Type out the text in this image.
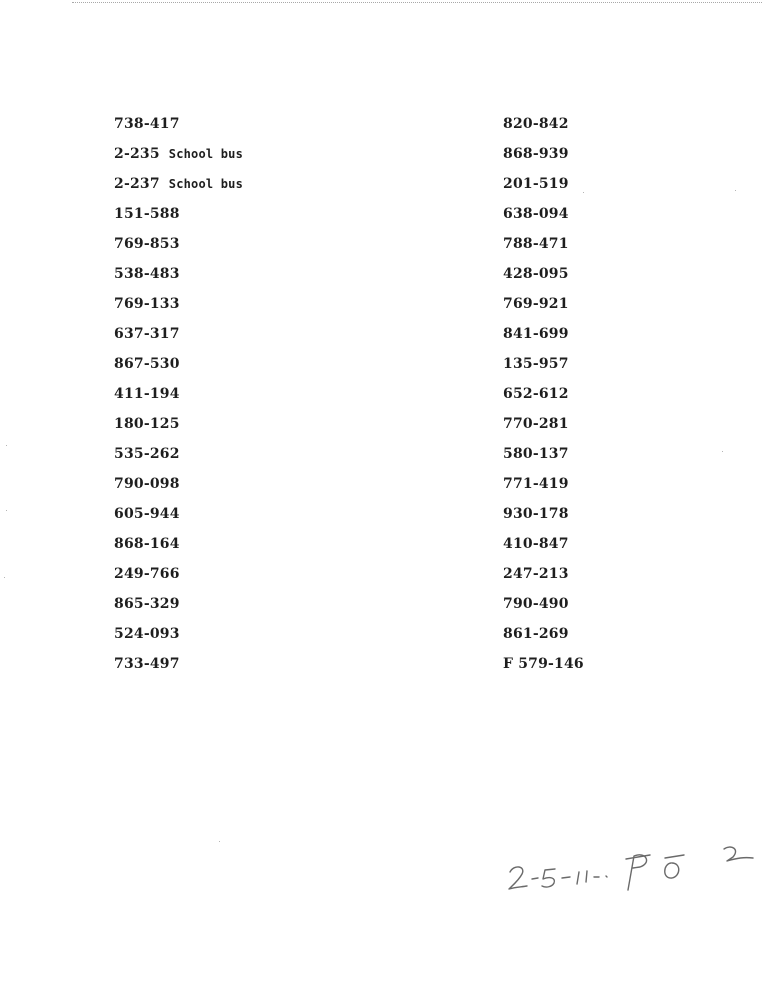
738-417
2-235 School bus
2-237 School bus
151-588
769-853
538-483
769-133
637-317
867-530
411-194
180-125
535-262
790-098
605-944
868-164
249-766
865-329
524-093
733-497
820-842
868-939
201-519
638-094
788-471
428-095
769-921
841-699
135-957
652-612
770-281
580-137
771-419
930-178
410-847
247-213
790-490
861-269
F 579-146
